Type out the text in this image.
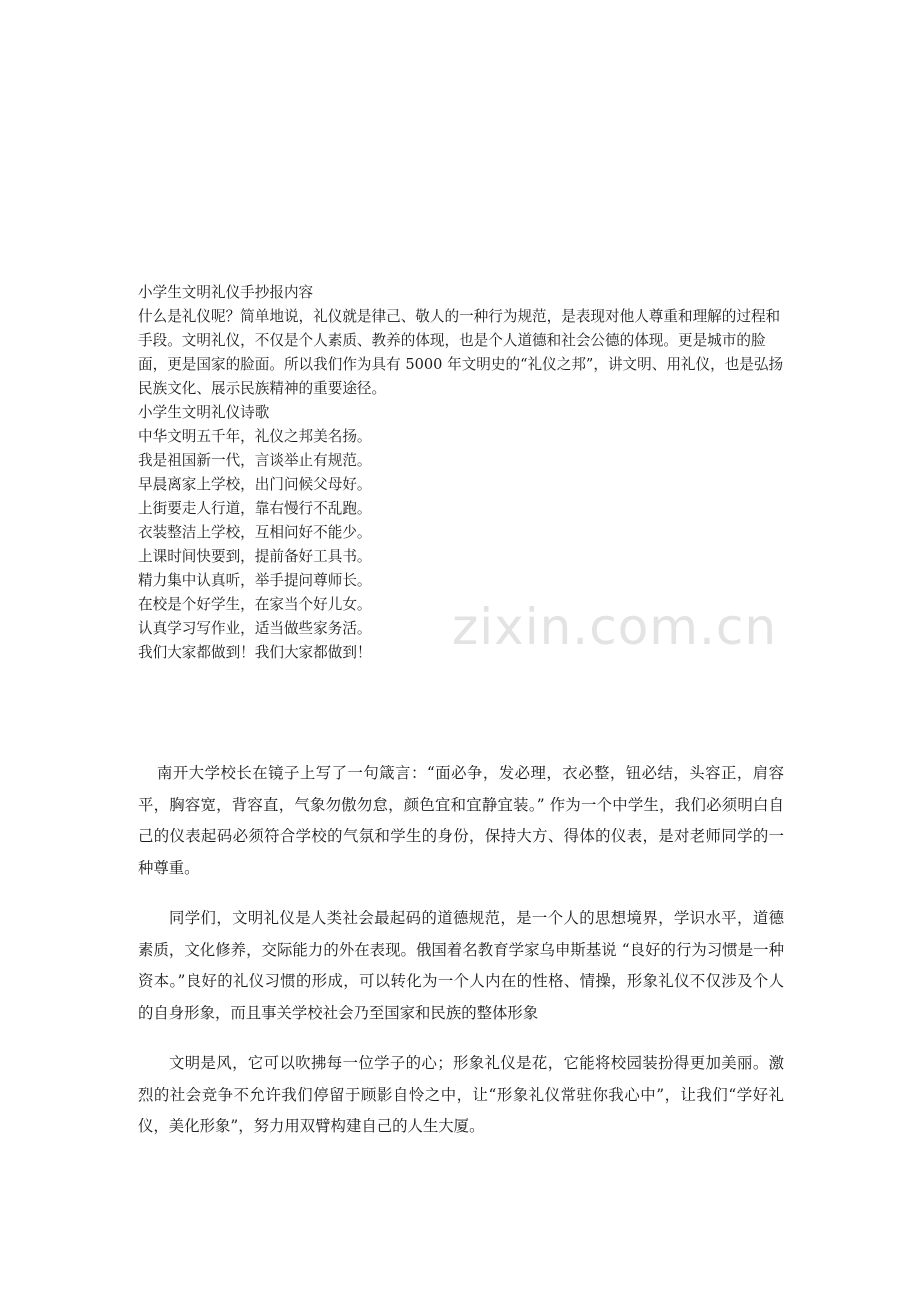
小学生文明礼仪手抄报内容

什么是礼仪呢？简单地说，礼仪就是律己、敬人的一种行为规范，是表现对他人尊重和理解的过程和手段。文明礼仪，不仅是个人素质、教养的体现，也是个人道德和社会公德的体现。更是城市的脸面，更是国家的脸面。所以我们作为具有 5000 年文明史的“礼仪之邦”，讲文明、用礼仪，也是弘扬民族文化、展示民族精神的重要途径。

小学生文明礼仪诗歌

中华文明五千年，礼仪之邦美名扬。

我是祖国新一代，言谈举止有规范。

早晨离家上学校，出门问候父母好。

上街要走人行道，靠右慢行不乱跑。

衣装整洁上学校，互相问好不能少。

上课时间快要到，提前备好工具书。

精力集中认真听，举手提问尊师长。

在校是个好学生，在家当个好儿女。

认真学习写作业，适当做些家务活。

我们大家都做到！我们大家都做到！	zixin.com.cn

南开大学校长在镜子上写了一句箴言：“面必争，发必理，衣必整，钮必结，头容正，肩容平，胸容宽，背容直，气象勿傲勿怠，颜色宜和宜静宜装。” 作为一个中学生，我们必须明白自己的仪表起码必须符合学校的气氛和学生的身份，保持大方、得体的仪表，是对老师同学的一种尊重。

同学们，文明礼仪是人类社会最起码的道德规范，是一个人的思想境界，学识水平，道德素质，文化修养，交际能力的外在表现。俄国着名教育学家乌申斯基说 “良好的行为习惯是一种资本。”良好的礼仪习惯的形成，可以转化为一个人内在的性格、情操，形象礼仪不仅涉及个人的自身形象，而且事关学校社会乃至国家和民族的整体形象

文明是风，它可以吹拂每一位学子的心；形象礼仪是花，它能将校园装扮得更加美丽。激烈的社会竞争不允许我们停留于顾影自怜之中，让“形象礼仪常驻你我心中”，让我们“学好礼仪，美化形象”，努力用双臂构建自己的人生大厦。
